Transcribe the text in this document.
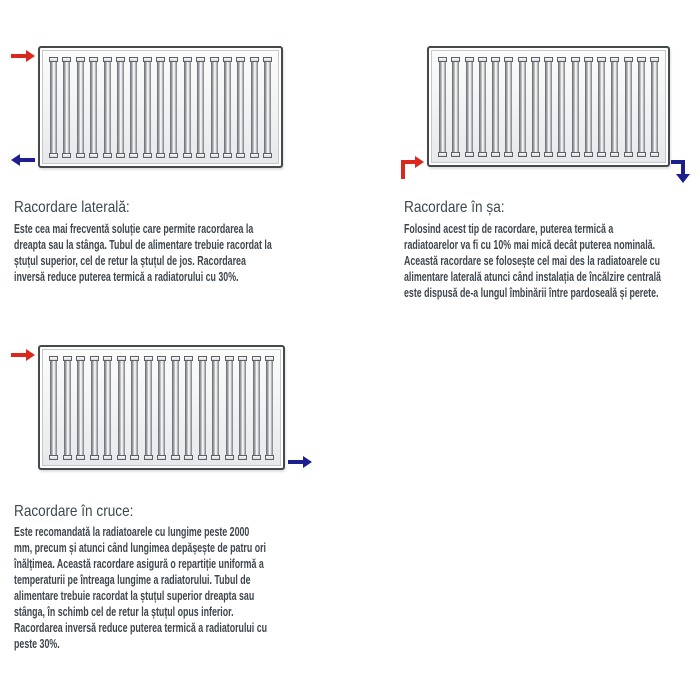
Racordare laterală:
Este cea mai frecventă soluție care permite racordarea la
dreapta sau la stânga. Tubul de alimentare trebuie racordat la
ștuțul superior, cel de retur la ștuțul de jos. Racordarea
inversă reduce puterea termică a radiatorului cu 30%.
Racordare în șa:
Folosind acest tip de racordare, puterea termică a
radiatoarelor va fi cu 10% mai mică decât puterea nominală.
Această racordare se folosește cel mai des la radiatoarele cu
alimentare laterală atunci când instalația de încălzire centrală
este dispusă de-a lungul îmbinării între pardoseală și perete.
Racordare în cruce:
Este recomandată la radiatoarele cu lungime peste 2000
mm, precum și atunci când lungimea depășește de patru ori
înălțimea. Această racordare asigură o repartiție uniformă a
temperaturii pe întreaga lungime a radiatorului. Tubul de
alimentare trebuie racordat la ștuțul superior dreapta sau
stânga, în schimb cel de retur la ștuțul opus inferior.
Racordarea inversă reduce puterea termică a radiatorului cu
peste 30%.
